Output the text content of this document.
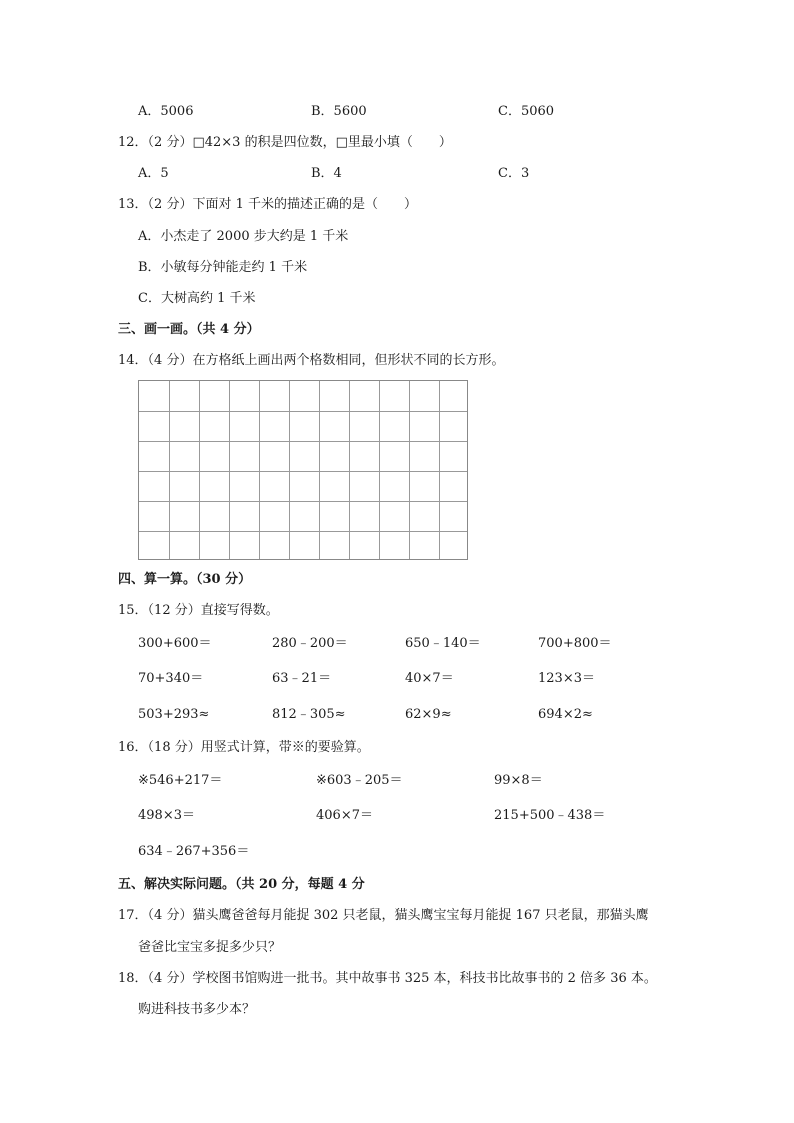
A．5006	B．5600	C．5060
12．（2 分）□42×3 的积是四位数，□里最小填（　　）
A．5	B．4	C．3
13．（2 分）下面对 1 千米的描述正确的是（　　）
A．小杰走了 2000 步大约是 1 千米
B．小敏每分钟能走约 1 千米
C．大树高约 1 千米
三、画一画。（共 4 分）
14．（4 分）在方格纸上画出两个格数相同，但形状不同的长方形。
四、算一算。（30 分）
15．（12 分）直接写得数。
300+600＝	280﹣200＝	650﹣140＝	700+800＝
70+340＝	63﹣21＝	40×7＝	123×3＝
503+293≈	812﹣305≈	62×9≈	694×2≈
16．（18 分）用竖式计算，带※的要验算。
※546+217＝	※603﹣205＝	99×8＝
498×3＝	406×7＝	215+500﹣438＝
634﹣267+356＝
五、解决实际问题。（共 20 分，每题 4 分
17．（4 分）猫头鹰爸爸每月能捉 302 只老鼠，猫头鹰宝宝每月能捉 167 只老鼠，那猫头鹰
爸爸比宝宝多捉多少只？
18．（4 分）学校图书馆购进一批书。其中故事书 325 本，科技书比故事书的 2 倍多 36 本。
购进科技书多少本？
